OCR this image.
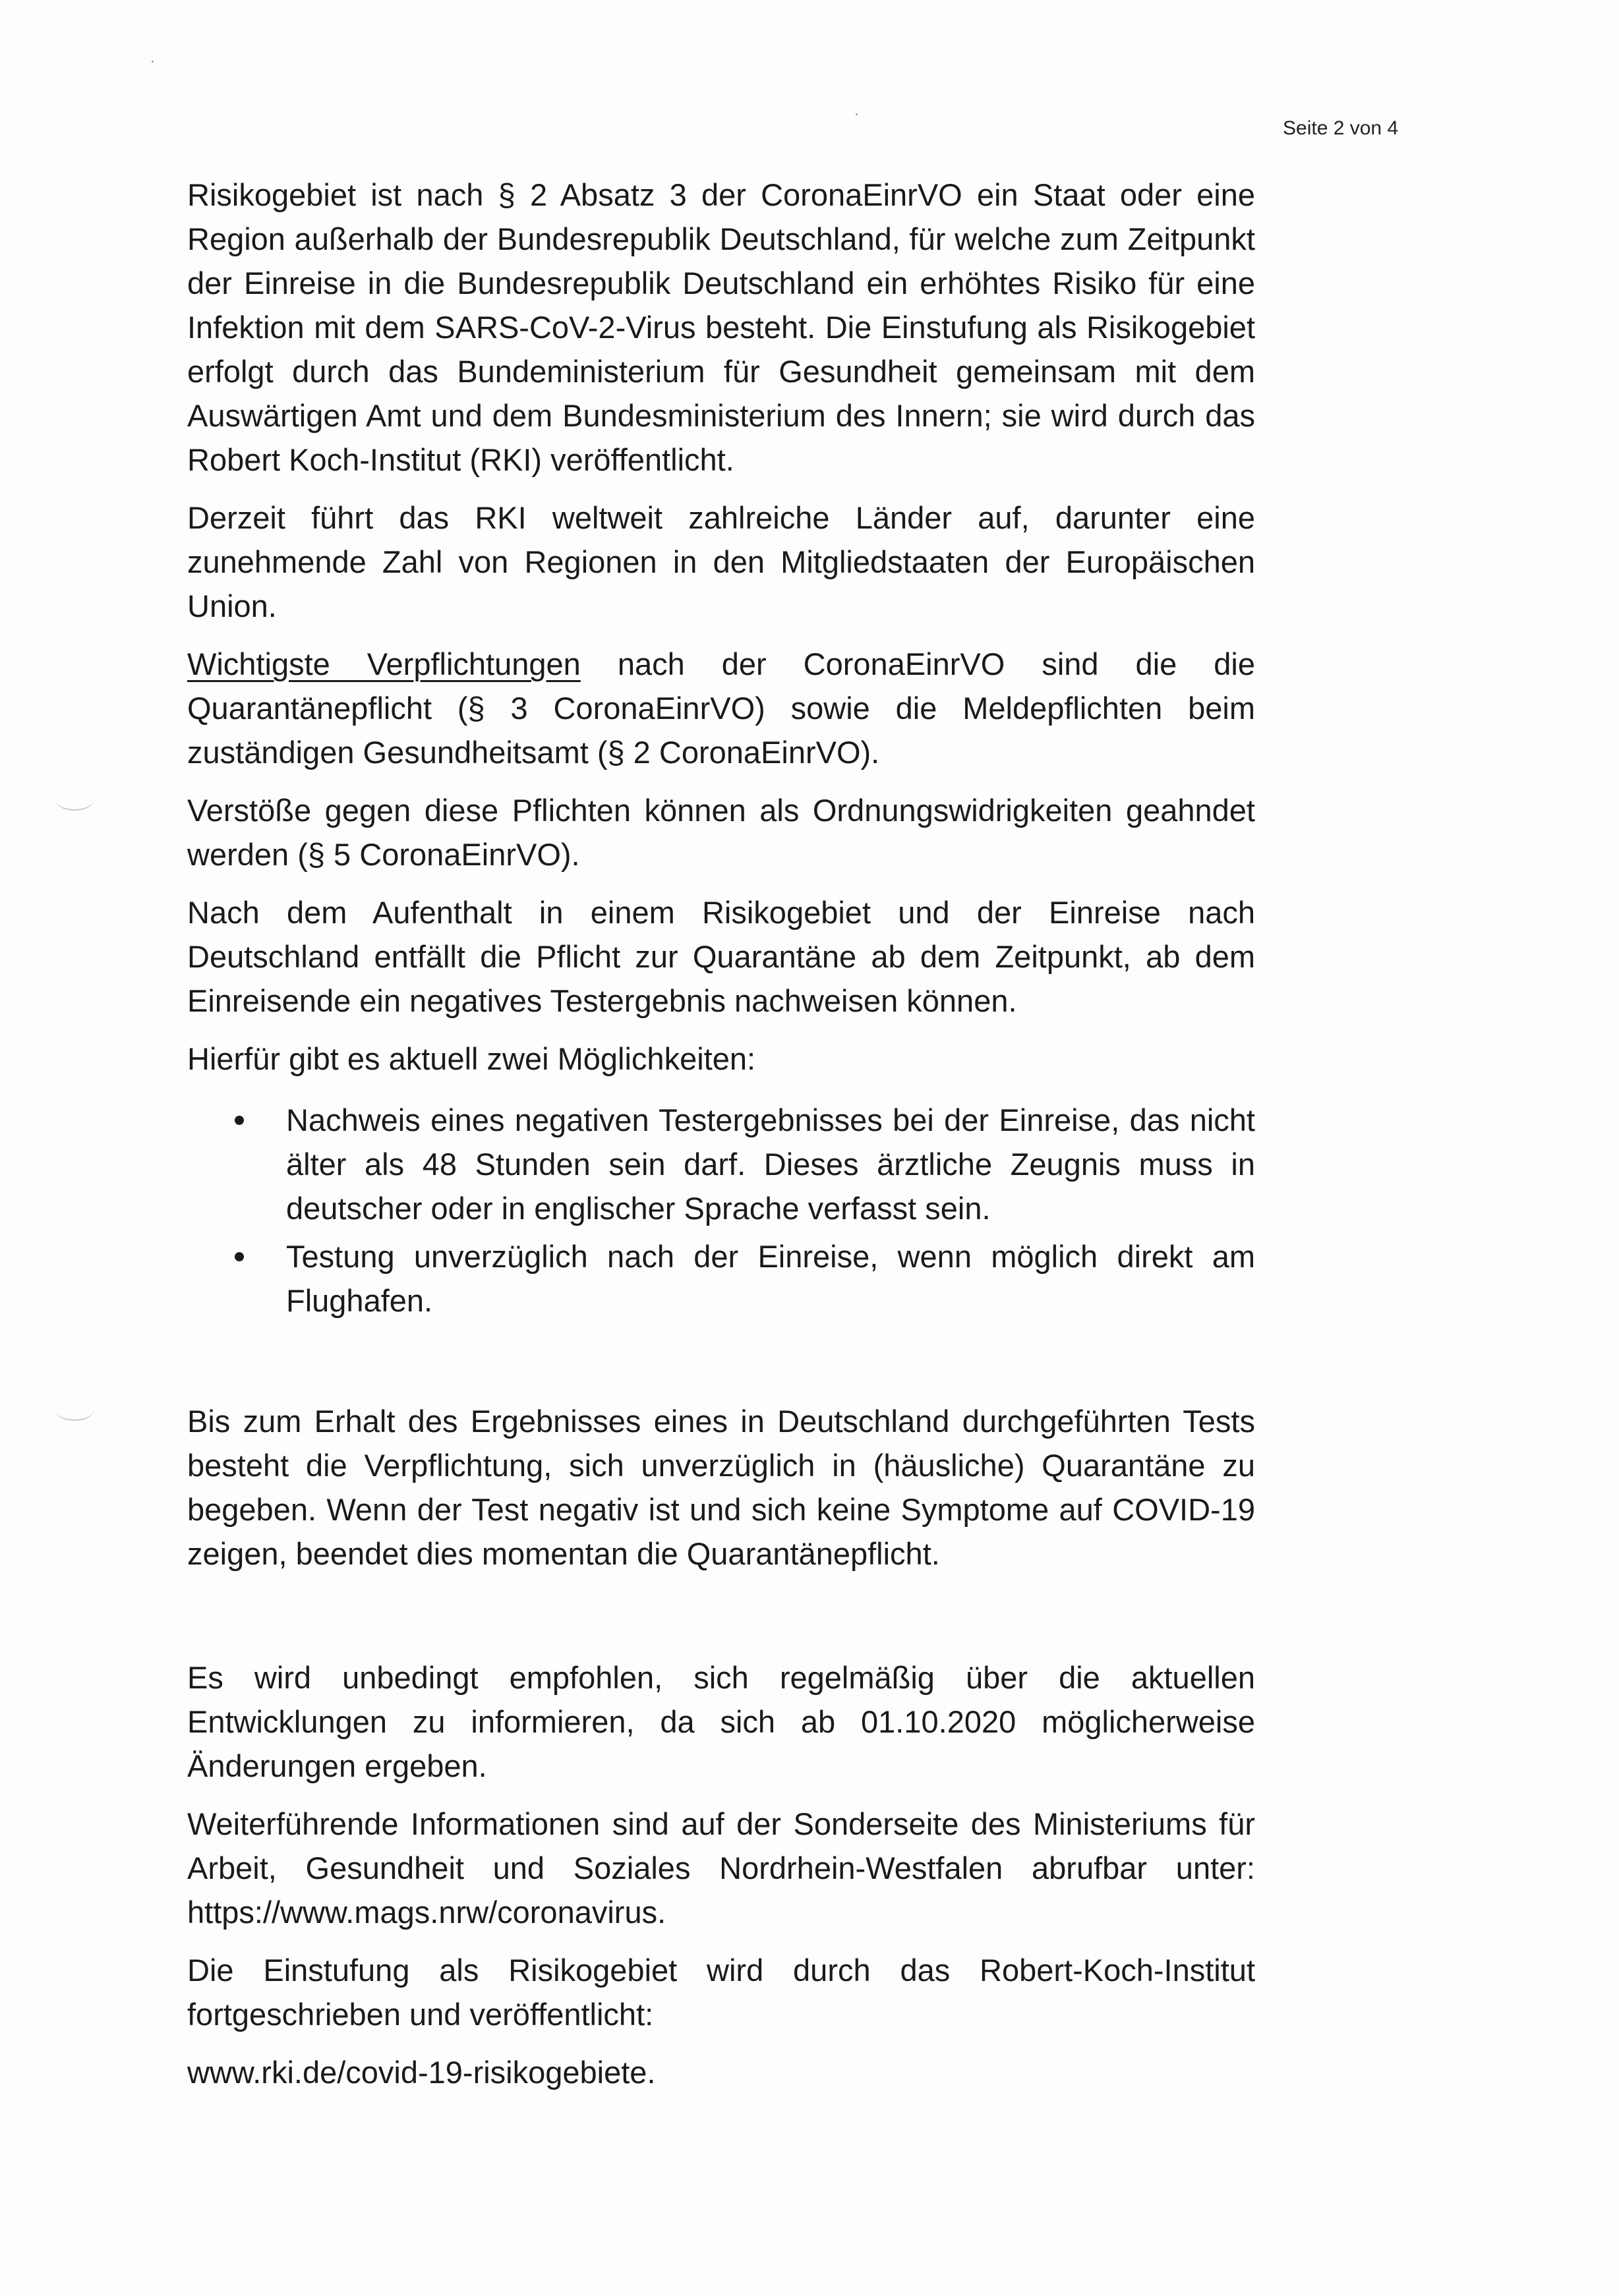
Seite 2 von 4

Risikogebiet ist nach § 2 Absatz 3 der CoronaEinrVO ein Staat oder eine Region außerhalb der Bundesrepublik Deutschland, für welche zum Zeitpunkt der Einreise in die Bundesrepublik Deutschland ein erhöhtes Risiko für eine Infektion mit dem SARS-CoV-2-Virus besteht. Die Einstufung als Risikogebiet erfolgt durch das Bundeministerium für Gesundheit gemeinsam mit dem Auswärtigen Amt und dem Bundesministerium des Innern; sie wird durch das Robert Koch-Institut (RKI) veröffentlicht.

Derzeit führt das RKI weltweit zahlreiche Länder auf, darunter eine zunehmende Zahl von Regionen in den Mitgliedstaaten der Europäischen Union.

Wichtigste Verpflichtungen nach der CoronaEinrVO sind die die Quarantänepflicht (§ 3 CoronaEinrVO) sowie die Meldepflichten beim zuständigen Gesundheitsamt (§ 2 CoronaEinrVO).

Verstöße gegen diese Pflichten können als Ordnungswidrigkeiten geahndet werden (§ 5 CoronaEinrVO).

Nach dem Aufenthalt in einem Risikogebiet und der Einreise nach Deutschland entfällt die Pflicht zur Quarantäne ab dem Zeitpunkt, ab dem Einreisende ein negatives Testergebnis nachweisen können.

Hierfür gibt es aktuell zwei Möglichkeiten:

Nachweis eines negativen Testergebnisses bei der Einreise, das nicht älter als 48 Stunden sein darf. Dieses ärztliche Zeugnis muss in deutscher oder in englischer Sprache verfasst sein.
Testung unverzüglich nach der Einreise, wenn möglich direkt am Flughafen.

Bis zum Erhalt des Ergebnisses eines in Deutschland durchgeführten Tests besteht die Verpflichtung, sich unverzüglich in (häusliche) Quarantäne zu begeben. Wenn der Test negativ ist und sich keine Symptome auf COVID-19 zeigen, beendet dies momentan die Quarantänepflicht.

Es wird unbedingt empfohlen, sich regelmäßig über die aktuellen Entwicklungen zu informieren, da sich ab 01.10.2020 möglicherweise Änderungen ergeben.

Weiterführende Informationen sind auf der Sonderseite des Ministeriums für Arbeit, Gesundheit und Soziales Nordrhein-Westfalen abrufbar unter: https://www.mags.nrw/coronavirus.

Die Einstufung als Risikogebiet wird durch das Robert-Koch-Institut fortgeschrieben und veröffentlicht:

www.rki.de/covid-19-risikogebiete.
